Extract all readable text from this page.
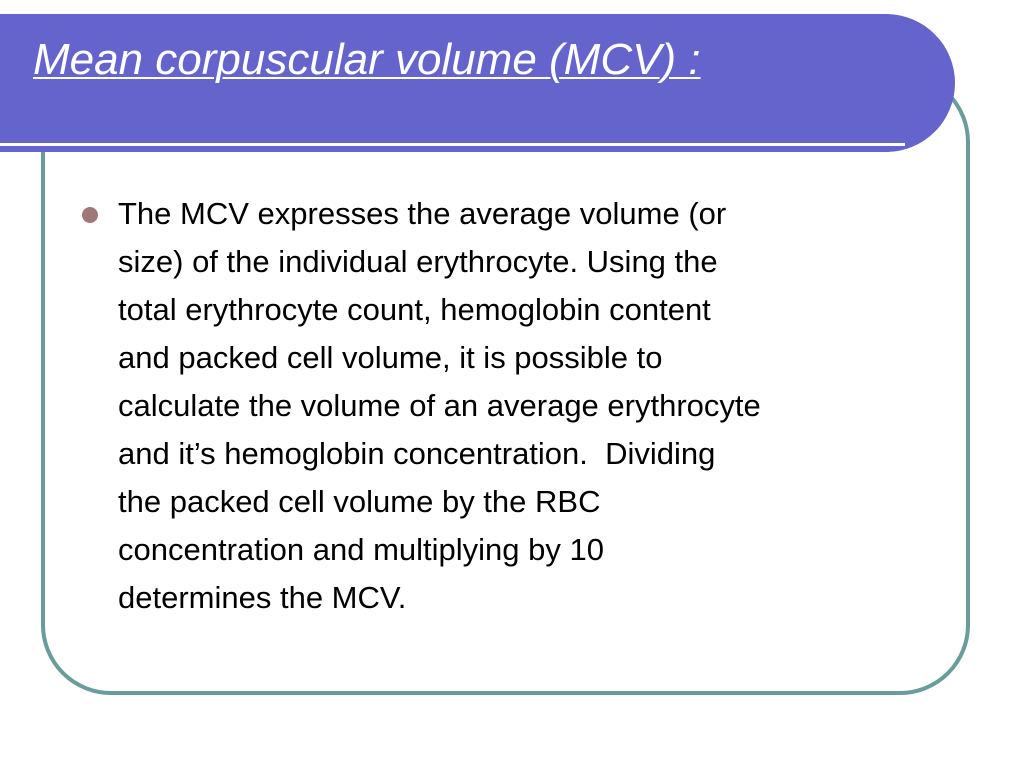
Mean corpuscular volume (MCV) :
The MCV expresses the average volume (or
size) of the individual erythrocyte. Using the
total erythrocyte count, hemoglobin content
and packed cell volume, it is possible to
calculate the volume of an average erythrocyte
and it’s hemoglobin concentration.  Dividing
the packed cell volume by the RBC
concentration and multiplying by 10
determines the MCV.
